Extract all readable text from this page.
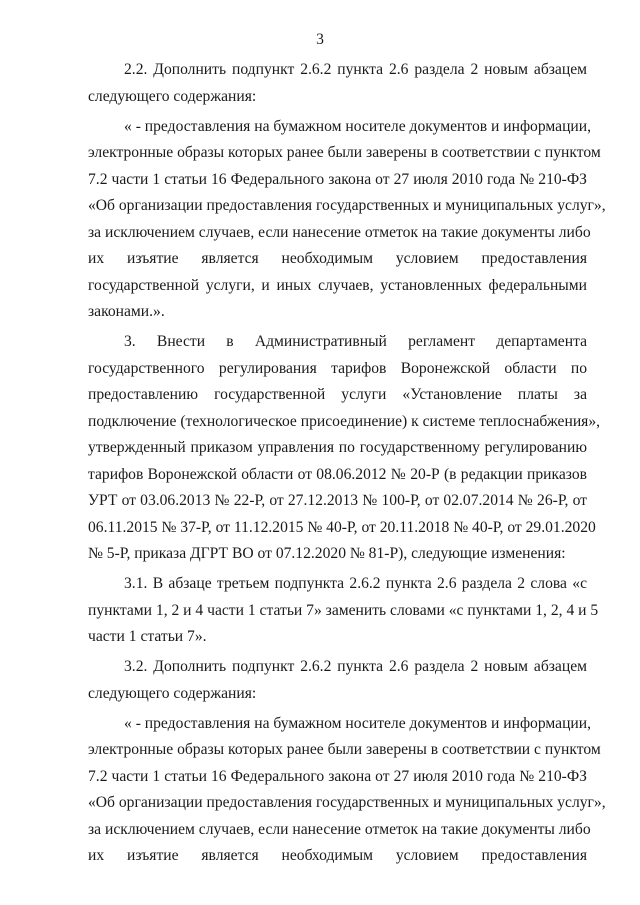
3
2.2. Дополнить подпункт 2.6.2 пункта 2.6 раздела 2 новым абзацем
следующего содержания:
« - предоставления на бумажном носителе документов и информации,
электронные образы которых ранее были заверены в соответствии с пунктом
7.2 части 1 статьи 16 Федерального закона от 27 июля 2010 года № 210-ФЗ
«Об организации предоставления государственных и муниципальных услуг»,
за исключением случаев, если нанесение отметок на такие документы либо
их изъятие является необходимым условием предоставления
государственной услуги, и иных случаев, установленных федеральными
законами.».
3. Внести в Административный регламент департамента
государственного регулирования тарифов Воронежской области по
предоставлению государственной услуги «Установление платы за
подключение (технологическое присоединение) к системе теплоснабжения»,
утвержденный приказом управления по государственному регулированию
тарифов Воронежской области от 08.06.2012 № 20-Р (в редакции приказов
УРТ от 03.06.2013 № 22-Р, от 27.12.2013 № 100-Р, от 02.07.2014 № 26-Р, от
06.11.2015 № 37-Р, от 11.12.2015 № 40-Р, от 20.11.2018 № 40-Р, от 29.01.2020
№ 5-Р, приказа ДГРТ ВО от 07.12.2020 № 81-Р), следующие изменения:
3.1. В абзаце третьем подпункта 2.6.2 пункта 2.6 раздела 2 слова «с
пунктами 1, 2 и 4 части 1 статьи 7» заменить словами «с пунктами 1, 2, 4 и 5
части 1 статьи 7».
3.2. Дополнить подпункт 2.6.2 пункта 2.6 раздела 2 новым абзацем
следующего содержания:
« - предоставления на бумажном носителе документов и информации,
электронные образы которых ранее были заверены в соответствии с пунктом
7.2 части 1 статьи 16 Федерального закона от 27 июля 2010 года № 210-ФЗ
«Об организации предоставления государственных и муниципальных услуг»,
за исключением случаев, если нанесение отметок на такие документы либо
их изъятие является необходимым условием предоставления
